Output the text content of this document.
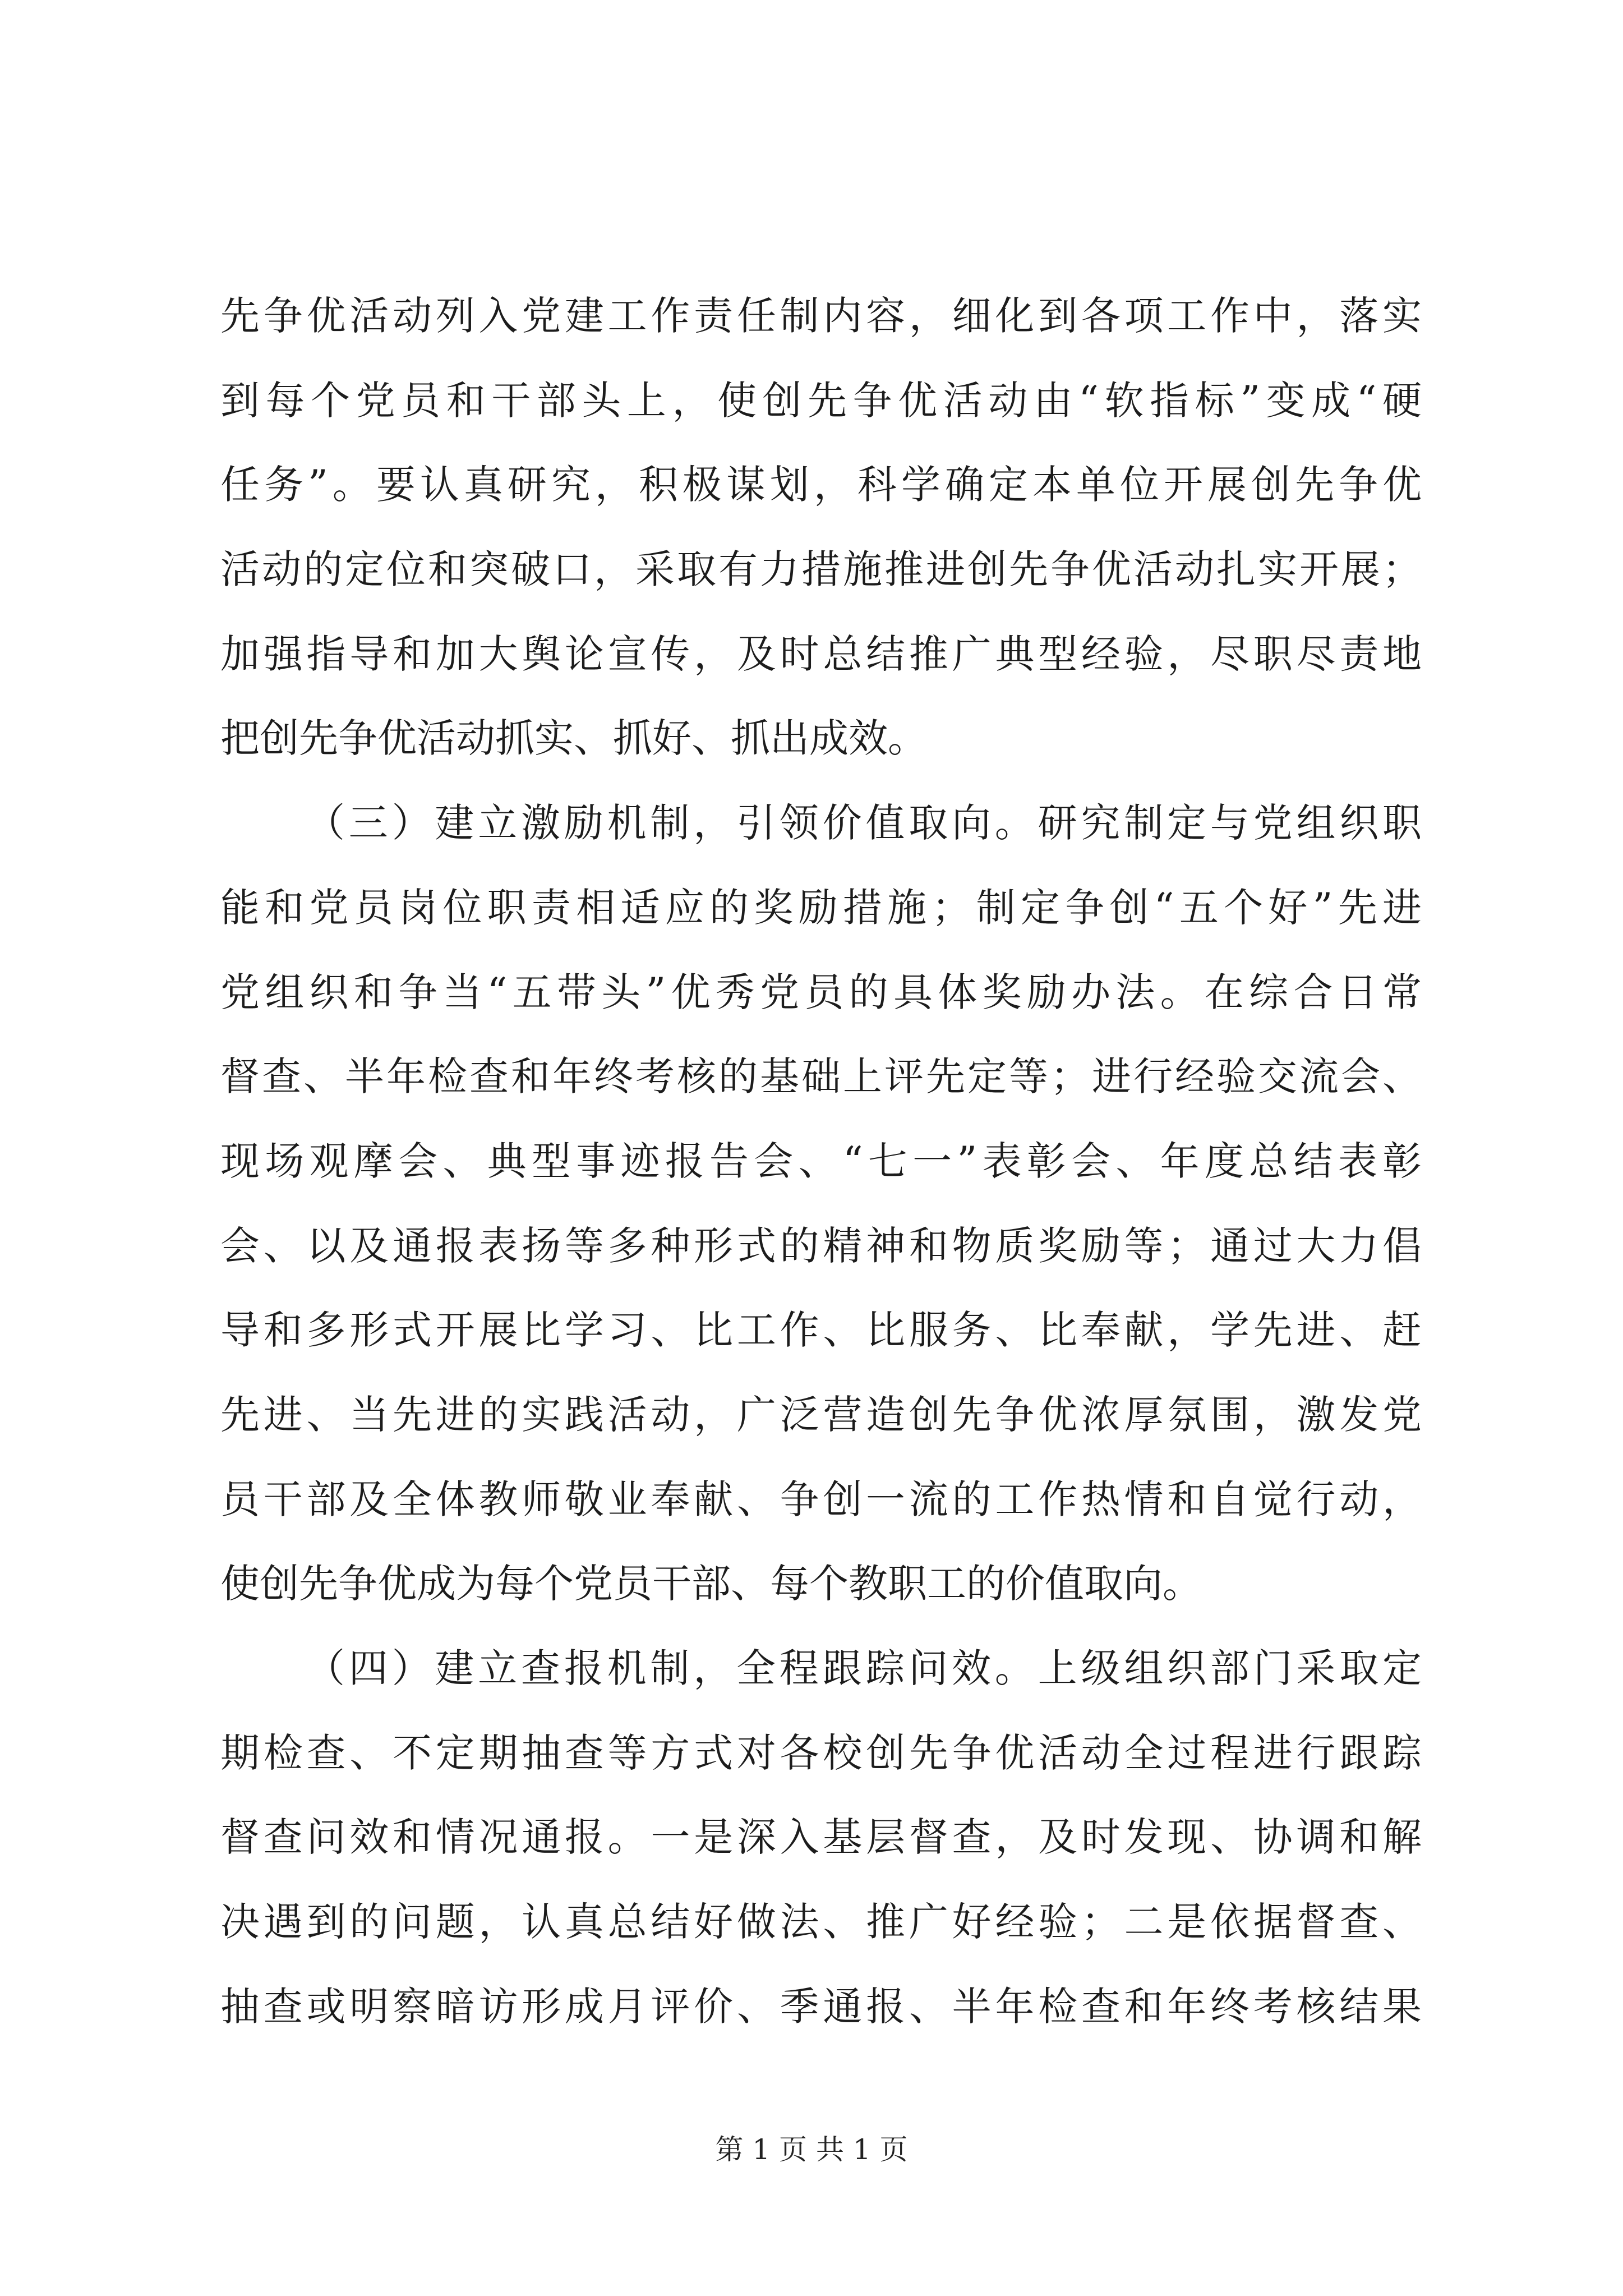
先争优活动列入党建工作责任制内容，细化到各项工作中，落实
到每个党员和干部头上，使创先争优活动由“软指标”变成“硬
任务”。要认真研究，积极谋划，科学确定本单位开展创先争优
活动的定位和突破口，采取有力措施推进创先争优活动扎实开展；
加强指导和加大舆论宣传，及时总结推广典型经验，尽职尽责地
把创先争优活动抓实、抓好、抓出成效。
（三）建立激励机制，引领价值取向。研究制定与党组织职
能和党员岗位职责相适应的奖励措施；制定争创“五个好”先进
党组织和争当“五带头”优秀党员的具体奖励办法。在综合日常
督查、半年检查和年终考核的基础上评先定等；进行经验交流会、
现场观摩会、典型事迹报告会、“七一”表彰会、年度总结表彰
会、以及通报表扬等多种形式的精神和物质奖励等；通过大力倡
导和多形式开展比学习、比工作、比服务、比奉献，学先进、赶
先进、当先进的实践活动，广泛营造创先争优浓厚氛围，激发党
员干部及全体教师敬业奉献、争创一流的工作热情和自觉行动，
使创先争优成为每个党员干部、每个教职工的价值取向。
（四）建立查报机制，全程跟踪问效。上级组织部门采取定
期检查、不定期抽查等方式对各校创先争优活动全过程进行跟踪
督查问效和情况通报。一是深入基层督查，及时发现、协调和解
决遇到的问题，认真总结好做法、推广好经验；二是依据督查、
抽查或明察暗访形成月评价、季通报、半年检查和年终考核结果
第 1 页 共 1 页
